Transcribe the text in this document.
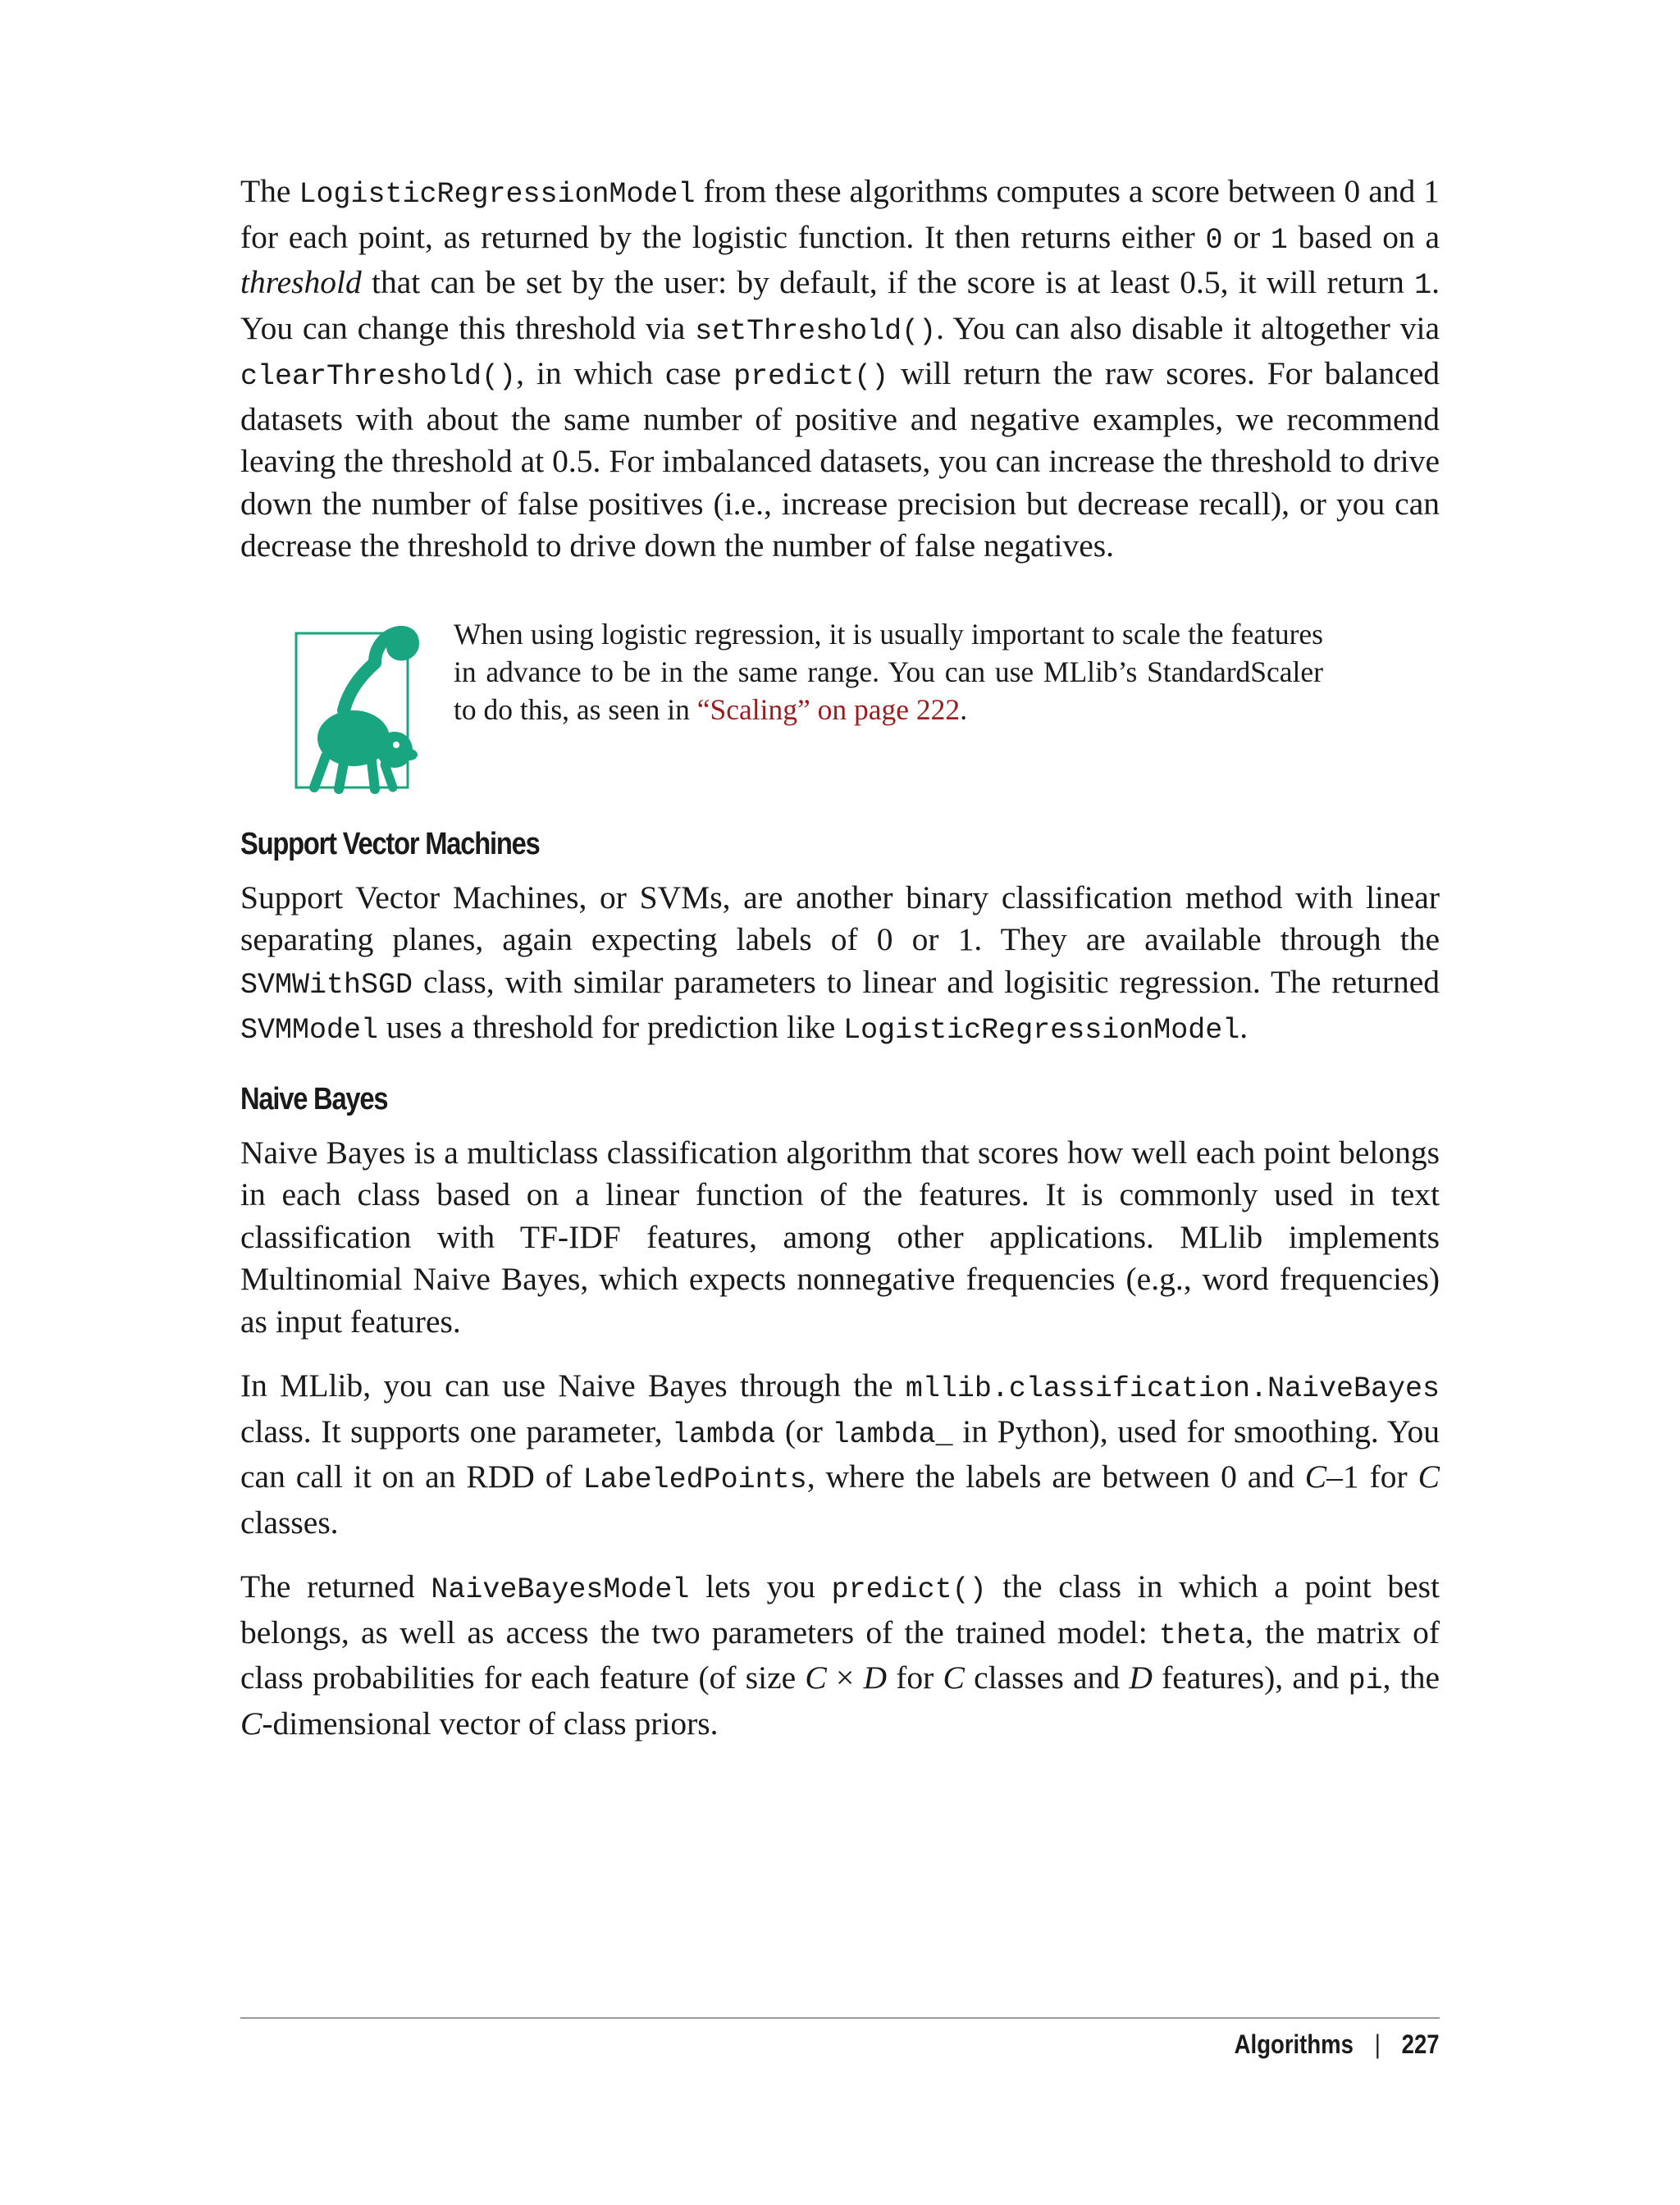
The LogisticRegressionModel from these algorithms computes a score between 0 and 1 for each point, as returned by the logistic function. It then returns either 0 or 1 based on a threshold that can be set by the user: by default, if the score is at least 0.5, it will return 1. You can change this threshold via setThreshold(). You can also disable it altogether via clearThreshold(), in which case predict() will return the raw scores. For balanced datasets with about the same number of positive and negative examples, we recommend leaving the threshold at 0.5. For imbalanced datasets, you can increase the threshold to drive down the number of false positives (i.e., increase precision but decrease recall), or you can decrease the threshold to drive down the number of false negatives.

When using logistic regression, it is usually important to scale the features in advance to be in the same range. You can use MLlib’s StandardScaler to do this, as seen in “Scaling” on page 222.
Support Vector Machines

Support Vector Machines, or SVMs, are another binary classification method with linear separating planes, again expecting labels of 0 or 1. They are available through the SVMWithSGD class, with similar parameters to linear and logisitic regression. The returned SVMModel uses a threshold for prediction like LogisticRegressionModel.

Naive Bayes

Naive Bayes is a multiclass classification algorithm that scores how well each point belongs in each class based on a linear function of the features. It is commonly used in text classification with TF-IDF features, among other applications. MLlib implements Multinomial Naive Bayes, which expects nonnegative frequencies (e.g., word frequencies) as input features.

In MLlib, you can use Naive Bayes through the mllib.classification.NaiveBayes class. It supports one parameter, lambda (or lambda_ in Python), used for smoothing. You can call it on an RDD of LabeledPoints, where the labels are between 0 and C–1 for C classes.

The returned NaiveBayesModel lets you predict() the class in which a point best belongs, as well as access the two parameters of the trained model: theta, the matrix of class probabilities for each feature (of size C × D for C classes and D features), and pi, the C-dimensional vector of class priors.

Algorithms | 227
